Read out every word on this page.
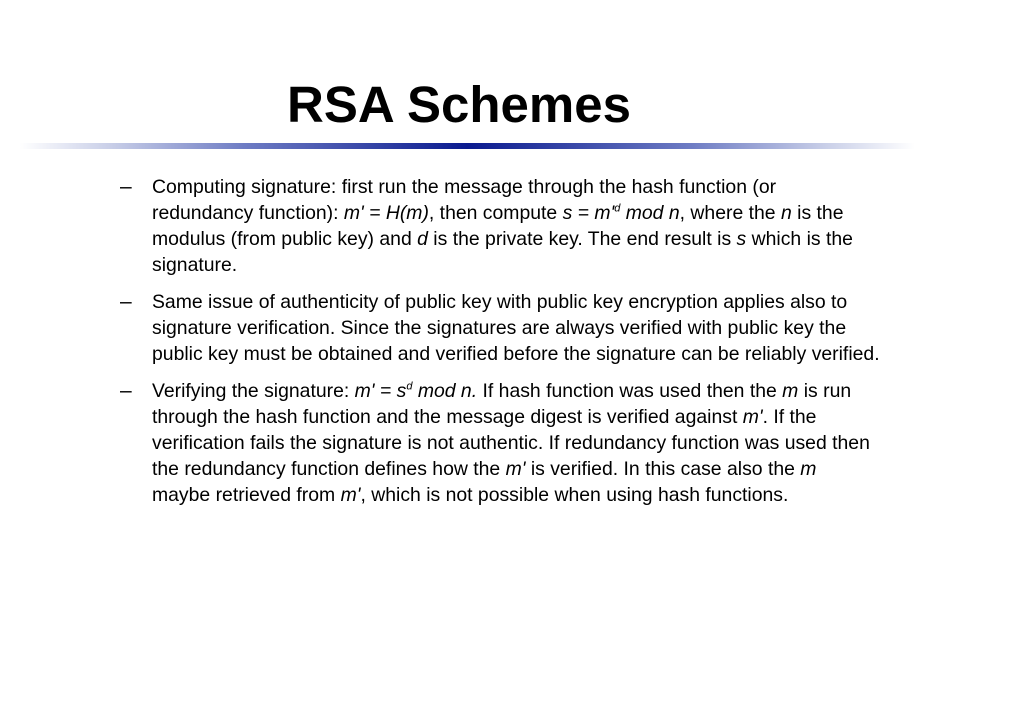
RSA Schemes
– Computing signature: first run the message through the hash function (or redundancy function): m' = H(m), then compute $s = m'^d$ mod n, where the n is the modulus (from public key) and d is the private key. The end result is s which is the signature.
– Same issue of authenticity of public key with public key encryption applies also to signature verification. Since the signatures are always verified with public key the public key must be obtained and verified before the signature can be reliably verified.
– Verifying the signature: $m' = s^d$ mod n. If hash function was used then the m is run through the hash function and the message digest is verified against m'. If the verification fails the signature is not authentic. If redundancy function was used then the redundancy function defines how the m' is verified. In this case also the m maybe retrieved from m', which is not possible when using hash functions.
